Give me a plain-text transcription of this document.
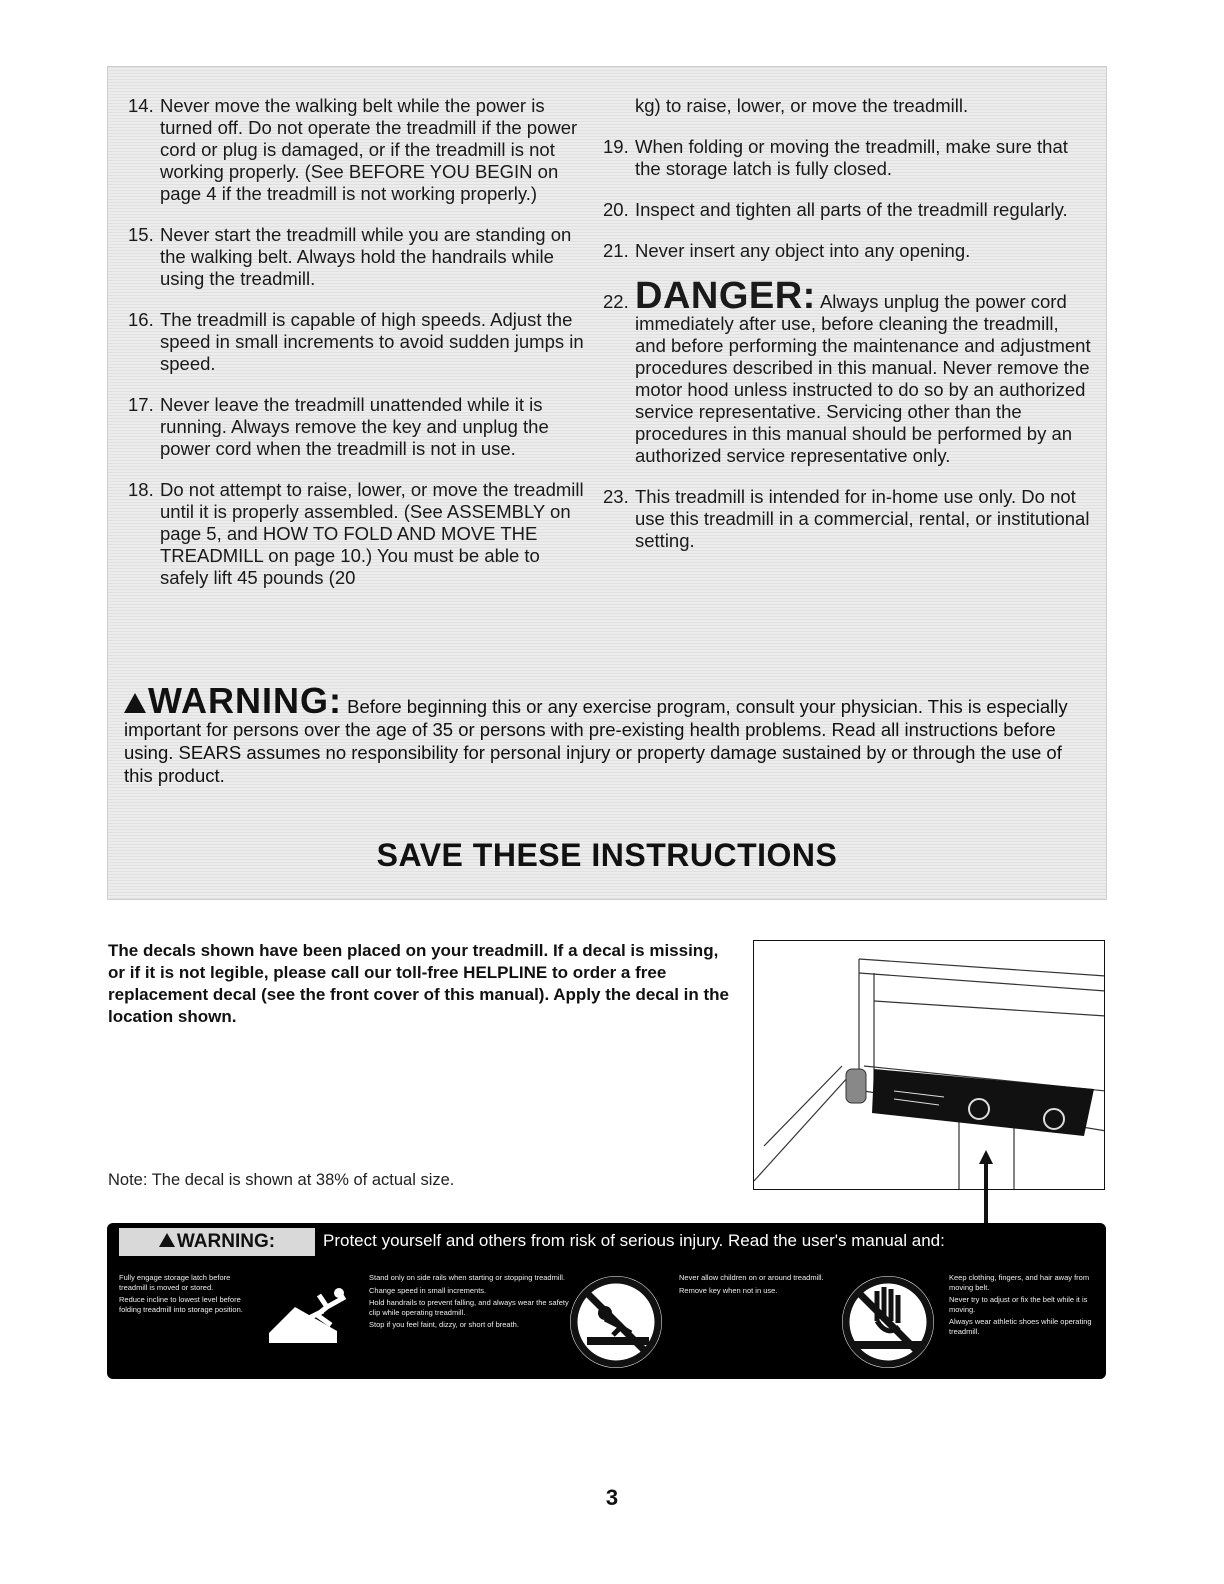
14. Never move the walking belt while the power is turned off. Do not operate the treadmill if the power cord or plug is damaged, or if the treadmill is not working properly. (See BEFORE YOU BEGIN on page 4 if the treadmill is not working properly.)
15. Never start the treadmill while you are standing on the walking belt. Always hold the handrails while using the treadmill.
16. The treadmill is capable of high speeds. Adjust the speed in small increments to avoid sudden jumps in speed.
17. Never leave the treadmill unattended while it is running. Always remove the key and unplug the power cord when the treadmill is not in use.
18. Do not attempt to raise, lower, or move the treadmill until it is properly assembled. (See ASSEMBLY on page 5, and HOW TO FOLD AND MOVE THE TREADMILL on page 10.) You must be able to safely lift 45 pounds (20
kg) to raise, lower, or move the treadmill.
19. When folding or moving the treadmill, make sure that the storage latch is fully closed.
20. Inspect and tighten all parts of the treadmill regularly.
21. Never insert any object into any opening.
22. DANGER: Always unplug the power cord immediately after use, before cleaning the treadmill, and before performing the maintenance and adjustment procedures described in this manual. Never remove the motor hood unless instructed to do so by an authorized service representative. Servicing other than the procedures in this manual should be performed by an authorized service representative only.
23. This treadmill is intended for in-home use only. Do not use this treadmill in a commercial, rental, or institutional setting.
WARNING: Before beginning this or any exercise program, consult your physician. This is especially important for persons over the age of 35 or persons with pre-existing health problems. Read all instructions before using. SEARS assumes no responsibility for personal injury or property damage sustained by or through the use of this product.
SAVE THESE INSTRUCTIONS
The decals shown have been placed on your treadmill. If a decal is missing, or if it is not legible, please call our toll-free HELPLINE to order a free replacement decal (see the front cover of this manual). Apply the decal in the location shown.
Note: The decal is shown at 38% of actual size.
WARNING:	Protect yourself and others from risk of serious injury. Read the user's manual and:
Fully engage storage latch before treadmill is moved or stored.
Reduce incline to lowest level before folding treadmill into storage position.
Stand only on side rails when starting or stopping treadmill.
Change speed in small increments.
Hold handrails to prevent falling, and always wear the safety clip while operating treadmill.
Stop if you feel faint, dizzy, or short of breath.
Never allow children on or around treadmill.
Remove key when not in use.
Keep clothing, fingers, and hair away from moving belt.
Never try to adjust or fix the belt while it is moving.
Always wear athletic shoes while operating treadmill.
3
